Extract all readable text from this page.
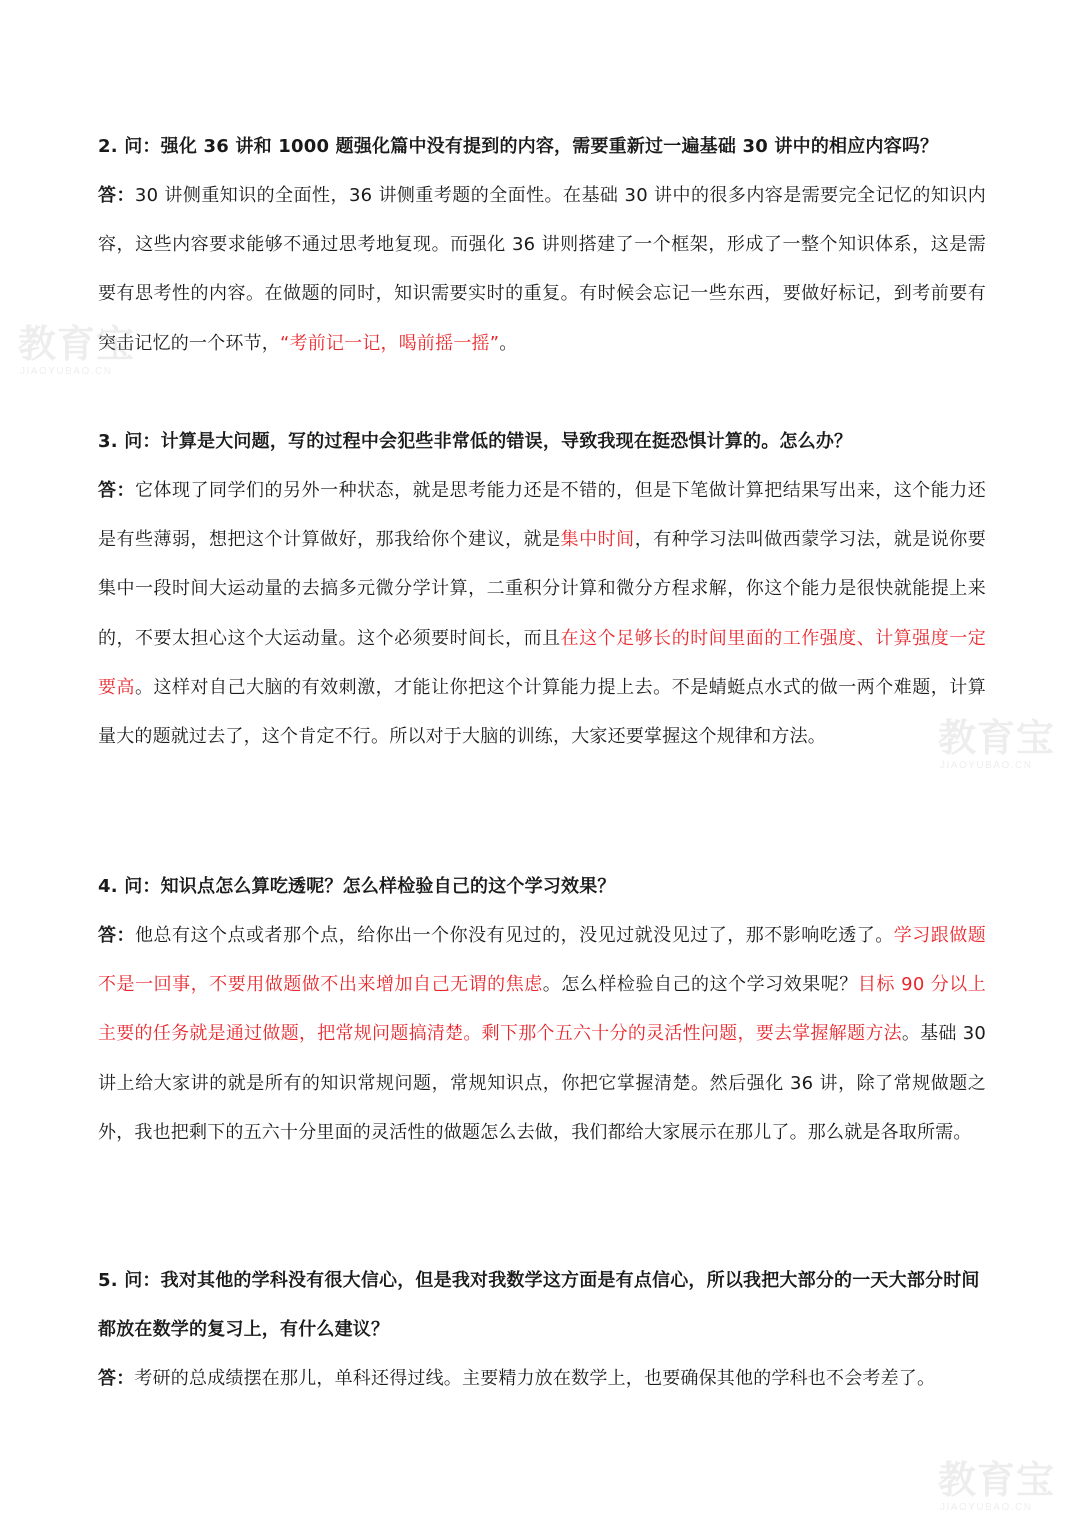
2. 问：强化 36 讲和 1000 题强化篇中没有提到的内容，需要重新过一遍基础 30 讲中的相应内容吗？

答：30 讲侧重知识的全面性，36 讲侧重考题的全面性。在基础 30 讲中的很多内容是需要完全记忆的知识内容，这些内容要求能够不通过思考地复现。而强化 36 讲则搭建了一个框架，形成了一整个知识体系，这是需要有思考性的内容。在做题的同时，知识需要实时的重复。有时候会忘记一些东西，要做好标记，到考前要有突击记忆的一个环节，“考前记一记，喝前摇一摇”。

3. 问：计算是大问题，写的过程中会犯些非常低的错误，导致我现在挺恐惧计算的。怎么办？

答：它体现了同学们的另外一种状态，就是思考能力还是不错的，但是下笔做计算把结果写出来，这个能力还是有些薄弱，想把这个计算做好，那我给你个建议，就是集中时间，有种学习法叫做西蒙学习法，就是说你要集中一段时间大运动量的去搞多元微分学计算，二重积分计算和微分方程求解，你这个能力是很快就能提上来的，不要太担心这个大运动量。这个必须要时间长，而且在这个足够长的时间里面的工作强度、计算强度一定要高。这样对自己大脑的有效刺激，才能让你把这个计算能力提上去。不是蜻蜓点水式的做一两个难题，计算量大的题就过去了，这个肯定不行。所以对于大脑的训练，大家还要掌握这个规律和方法。

4. 问：知识点怎么算吃透呢？怎么样检验自己的这个学习效果？

答：他总有这个点或者那个点，给你出一个你没有见过的，没见过就没见过了，那不影响吃透了。学习跟做题不是一回事，不要用做题做不出来增加自己无谓的焦虑。怎么样检验自己的这个学习效果呢？目标 90 分以上主要的任务就是通过做题，把常规问题搞清楚。剩下那个五六十分的灵活性问题，要去掌握解题方法。基础 30 讲上给大家讲的就是所有的知识常规问题，常规知识点，你把它掌握清楚。然后强化 36 讲，除了常规做题之外，我也把剩下的五六十分里面的灵活性的做题怎么去做，我们都给大家展示在那儿了。那么就是各取所需。

5. 问：我对其他的学科没有很大信心，但是我对我数学这方面是有点信心，所以我把大部分的一天大部分时间都放在数学的复习上，有什么建议？

答：考研的总成绩摆在那儿，单科还得过线。主要精力放在数学上，也要确保其他的学科也不会考差了。

教育宝
JIAOYUBAO.CN
教育宝
JIAOYUBAO.CN
教育宝
JIAOYUBAO.CN
